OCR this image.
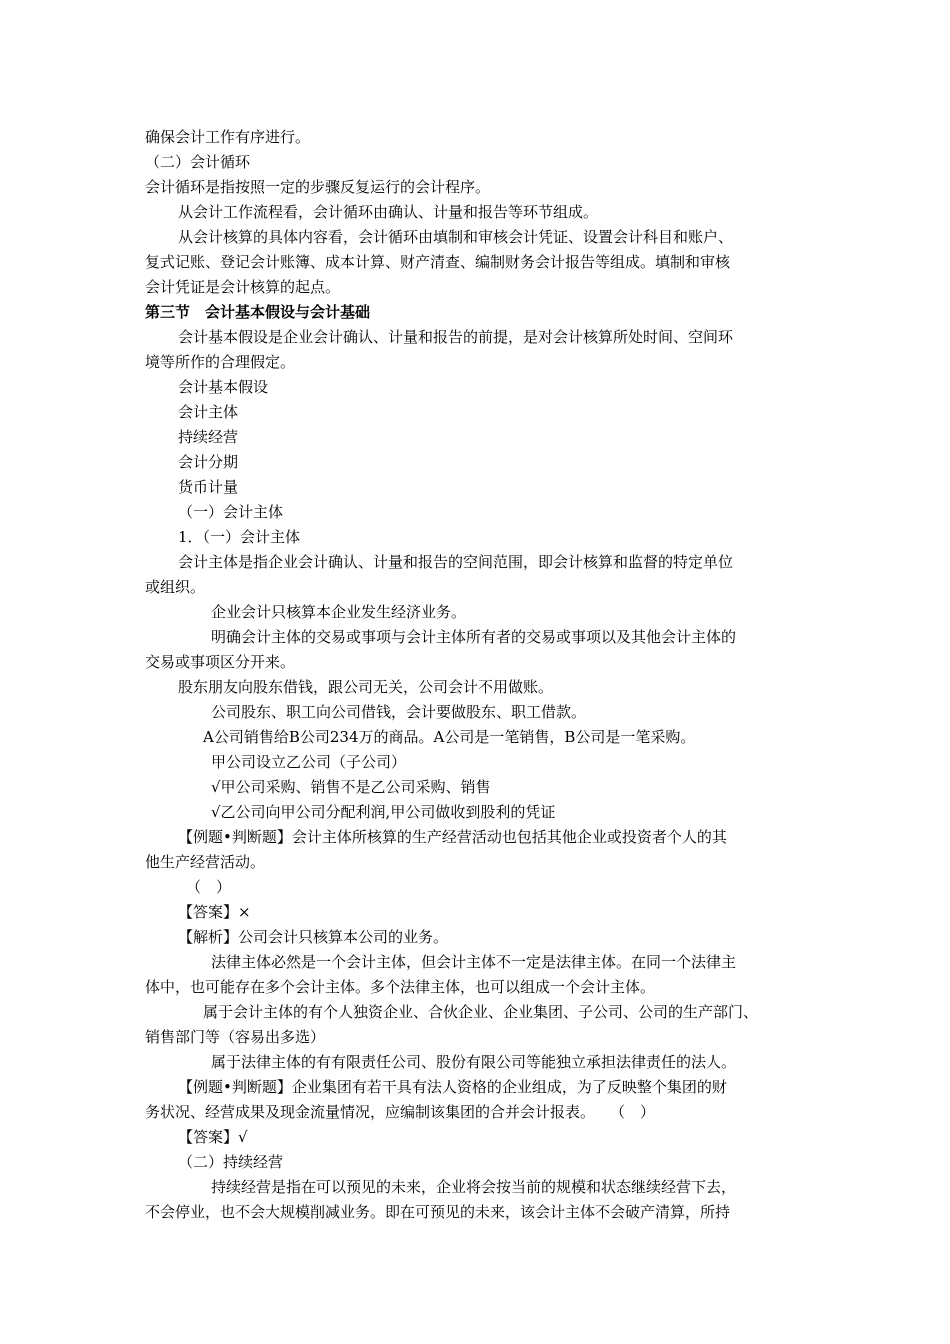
确保会计工作有序进行。
（二）会计循环
会计循环是指按照一定的步骤反复运行的会计程序。
从会计工作流程看，会计循环由确认、计量和报告等环节组成。
从会计核算的具体内容看，会计循环由填制和审核会计凭证、设置会计科目和账户、
复式记账、登记会计账簿、成本计算、财产清查、编制财务会计报告等组成。填制和审核
会计凭证是会计核算的起点。
第三节　会计基本假设与会计基础
会计基本假设是企业会计确认、计量和报告的前提，是对会计核算所处时间、空间环
境等所作的合理假定。
会计基本假设
会计主体
持续经营
会计分期
货币计量
（一）会计主体
1．（一）会计主体
会计主体是指企业会计确认、计量和报告的空间范围，即会计核算和监督的特定单位
或组织。
企业会计只核算本企业发生经济业务。
明确会计主体的交易或事项与会计主体所有者的交易或事项以及其他会计主体的
交易或事项区分开来。
股东朋友向股东借钱，跟公司无关，公司会计不用做账。
公司股东、职工向公司借钱，会计要做股东、职工借款。
A公司销售给B公司234万的商品。A公司是一笔销售，B公司是一笔采购。
甲公司设立乙公司（子公司）
√甲公司采购、销售不是乙公司采购、销售
√乙公司向甲公司分配利润,甲公司做收到股利的凭证
【例题•判断题】会计主体所核算的生产经营活动也包括其他企业或投资者个人的其
他生产经营活动。
（　）
【答案】×
【解析】公司会计只核算本公司的业务。
法律主体必然是一个会计主体，但会计主体不一定是法律主体。在同一个法律主
体中，也可能存在多个会计主体。多个法律主体，也可以组成一个会计主体。
属于会计主体的有个人独资企业、合伙企业、企业集团、子公司、公司的生产部门、
销售部门等（容易出多选）
属于法律主体的有有限责任公司、股份有限公司等能独立承担法律责任的法人。
【例题•判断题】企业集团有若干具有法人资格的企业组成，为了反映整个集团的财
务状况、经营成果及现金流量情况，应编制该集团的合并会计报表。　　（　）
【答案】√
（二）持续经营
持续经营是指在可以预见的未来，企业将会按当前的规模和状态继续经营下去，
不会停业，也不会大规模削减业务。即在可预见的未来，该会计主体不会破产清算，所持
